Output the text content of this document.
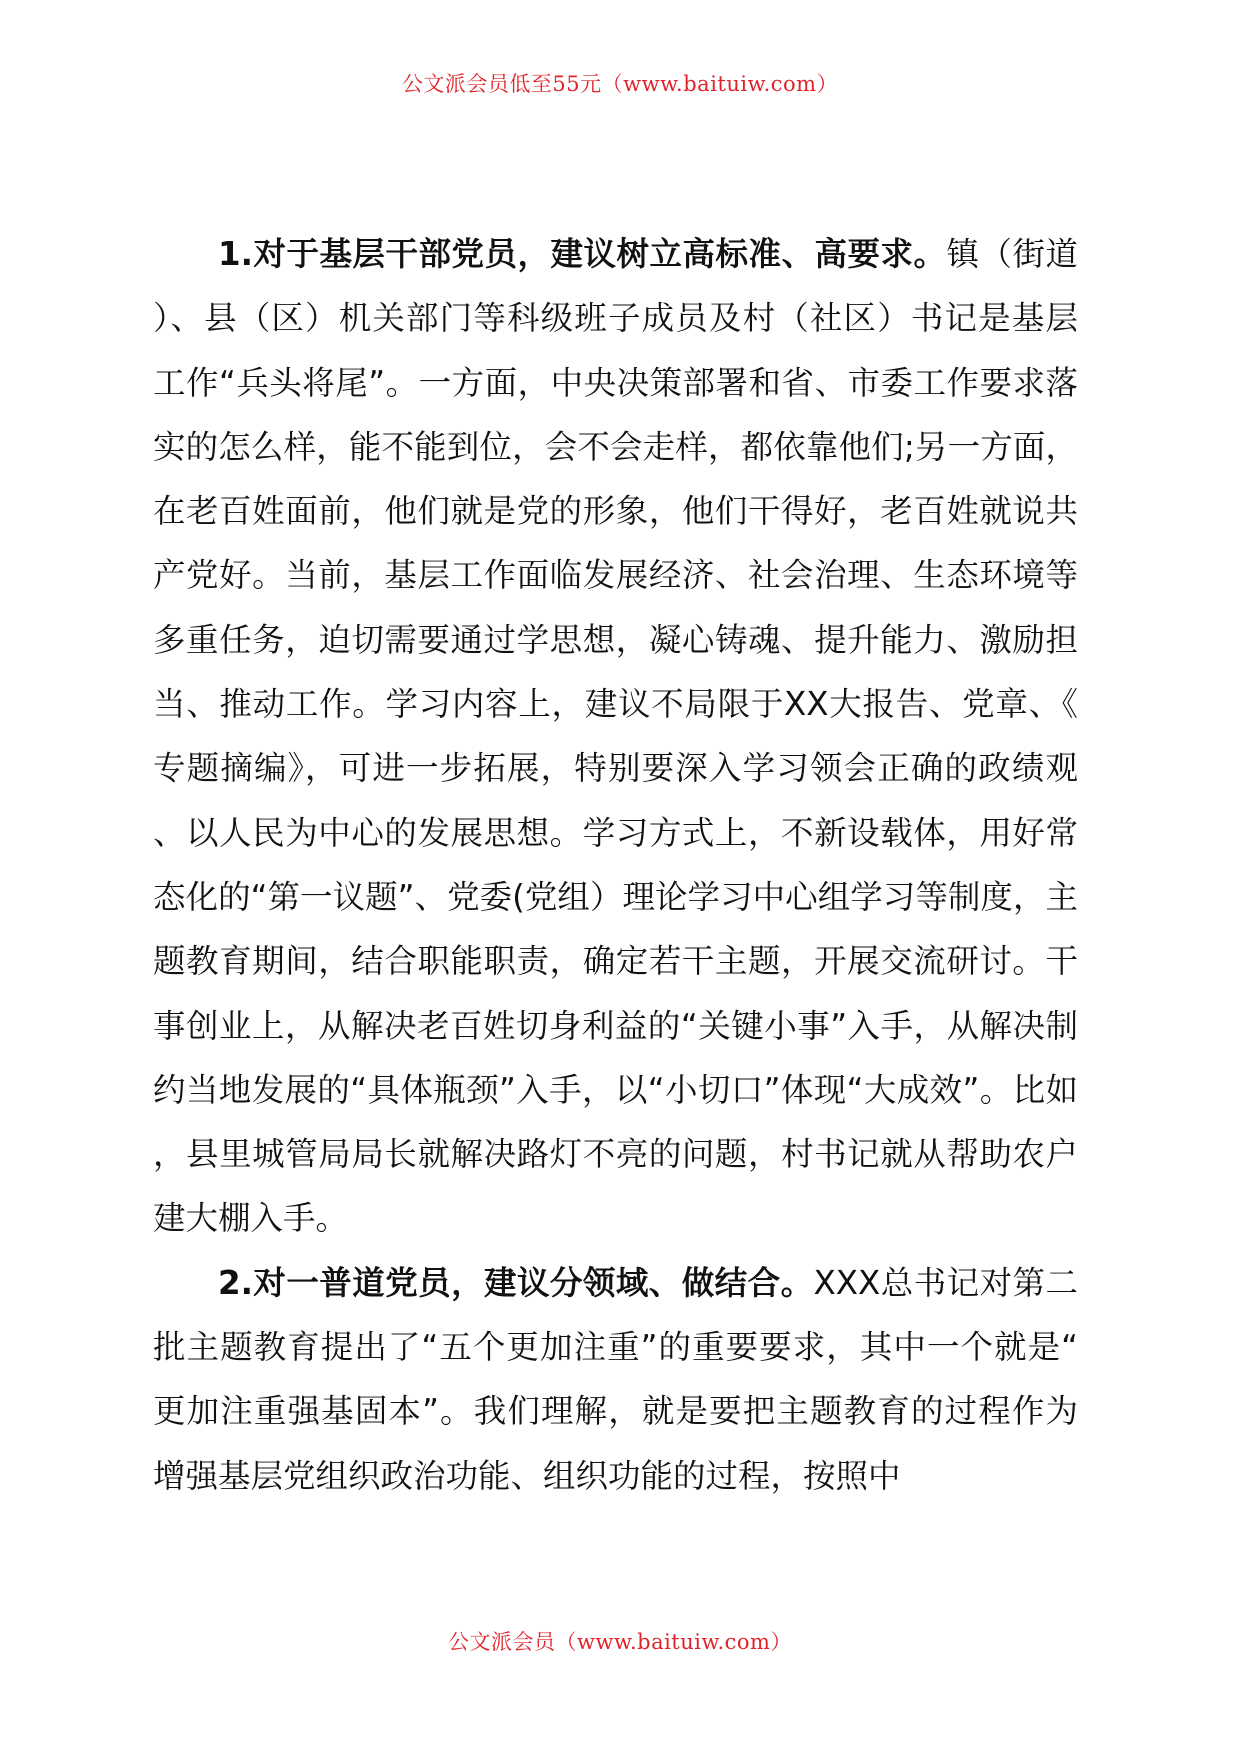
公文派会员低至55元（www.baituiw.com）

1.对于基层干部党员，建议树立高标准、高要求。镇（街道）、县（区）机关部门等科级班子成员及村（社区）书记是基层工作“兵头将尾”。一方面，中央决策部署和省、市委工作要求落实的怎么样，能不能到位，会不会走样，都依靠他们;另一方面，在老百姓面前，他们就是党的形象，他们干得好，老百姓就说共产党好。当前，基层工作面临发展经济、社会治理、生态环境等多重任务，迫切需要通过学思想，凝心铸魂、提升能力、激励担当、推动工作。学习内容上，建议不局限于XX大报告、党章、《专题摘编》，可进一步拓展，特别要深入学习领会正确的政绩观、以人民为中心的发展思想。学习方式上，不新设载体，用好常态化的“第一议题”、党委(党组）理论学习中心组学习等制度，主题教育期间，结合职能职责，确定若干主题，开展交流研讨。干事创业上，从解决老百姓切身利益的“关键小事”入手，从解决制约当地发展的“具体瓶颈”入手，以“小切口”体现“大成效”。比如，县里城管局局长就解决路灯不亮的问题，村书记就从帮助农户建大棚入手。

2.对一普道党员，建议分领域、做结合。XXX总书记对第二批主题教育提出了“五个更加注重”的重要要求，其中一个就是“更加注重强基固本”。我们理解，就是要把主题教育的过程作为增强基层党组织政治功能、组织功能的过程，按照中

公文派会员（www.baituiw.com）
